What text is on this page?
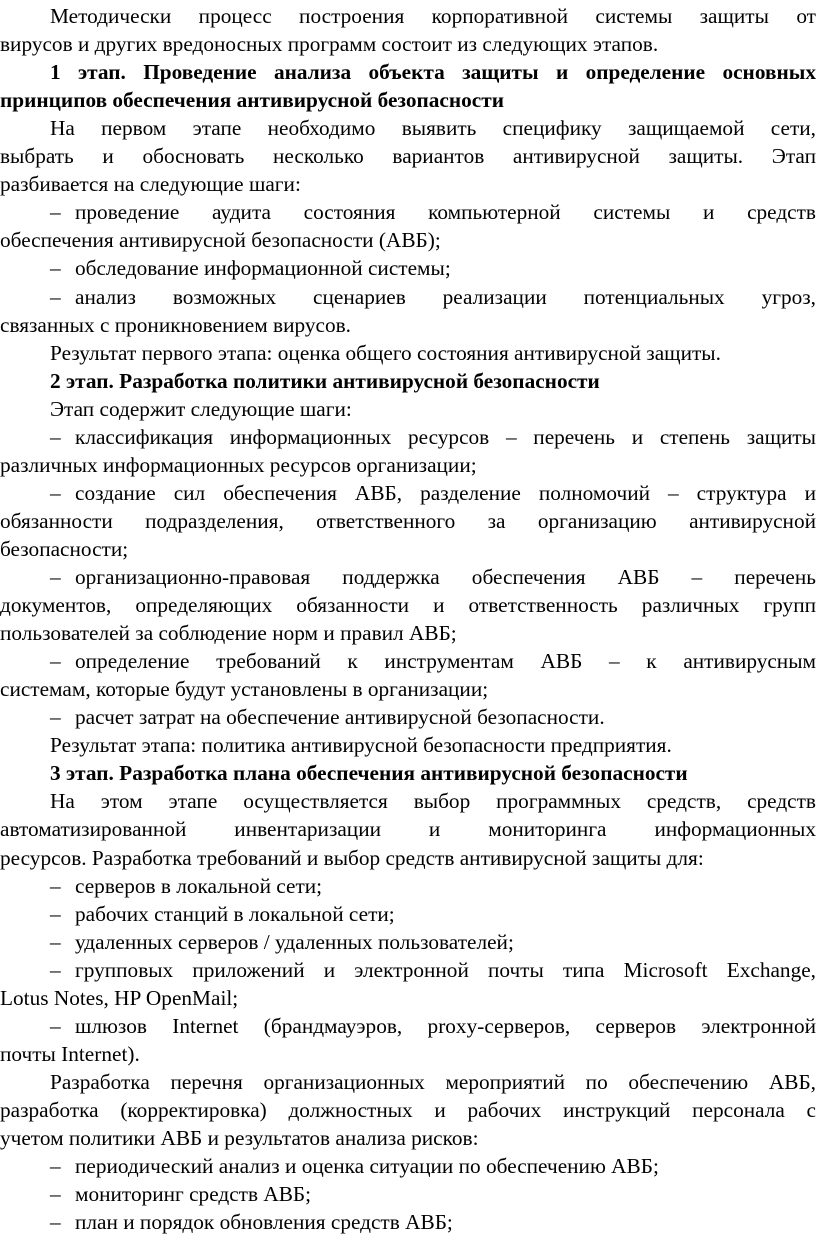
Методически процесс построения корпоративной системы защиты от
вирусов и других вредоносных программ состоит из следующих этапов.
1 этап. Проведение анализа объекта защиты и определение основных
принципов обеспечения антивирусной безопасности
На первом этапе необходимо выявить специфику защищаемой сети,
выбрать и обосновать несколько вариантов антивирусной защиты. Этап
разбивается на следующие шаги:
– проведение аудита состояния компьютерной системы и средств
обеспечения антивирусной безопасности (АВБ);
– обследование информационной системы;
– анализ возможных сценариев реализации потенциальных угроз,
связанных с проникновением вирусов.
Результат первого этапа: оценка общего состояния антивирусной защиты.
2 этап. Разработка политики антивирусной безопасности
Этап содержит следующие шаги:
– классификация информационных ресурсов – перечень и степень защиты
различных информационных ресурсов организации;
– создание сил обеспечения АВБ, разделение полномочий – структура и
обязанности подразделения, ответственного за организацию антивирусной
безопасности;
– организационно-правовая поддержка обеспечения АВБ – перечень
документов, определяющих обязанности и ответственность различных групп
пользователей за соблюдение норм и правил АВБ;
– определение требований к инструментам АВБ – к антивирусным
системам, которые будут установлены в организации;
– расчет затрат на обеспечение антивирусной безопасности.
Результат этапа: политика антивирусной безопасности предприятия.
3 этап. Разработка плана обеспечения антивирусной безопасности
На этом этапе осуществляется выбор программных средств, средств
автоматизированной инвентаризации и мониторинга информационных
ресурсов. Разработка требований и выбор средств антивирусной защиты для:
– серверов в локальной сети;
– рабочих станций в локальной сети;
– удаленных серверов / удаленных пользователей;
– групповых приложений и электронной почты типа Microsoft Exchange,
Lotus Notes, HP OpenMail;
– шлюзов Internet (брандмауэров, proxy-серверов, серверов электронной
почты Internet).
Разработка перечня организационных мероприятий по обеспечению АВБ,
разработка (корректировка) должностных и рабочих инструкций персонала с
учетом политики АВБ и результатов анализа рисков:
– периодический анализ и оценка ситуации по обеспечению АВБ;
– мониторинг средств АВБ;
– план и порядок обновления средств АВБ;
